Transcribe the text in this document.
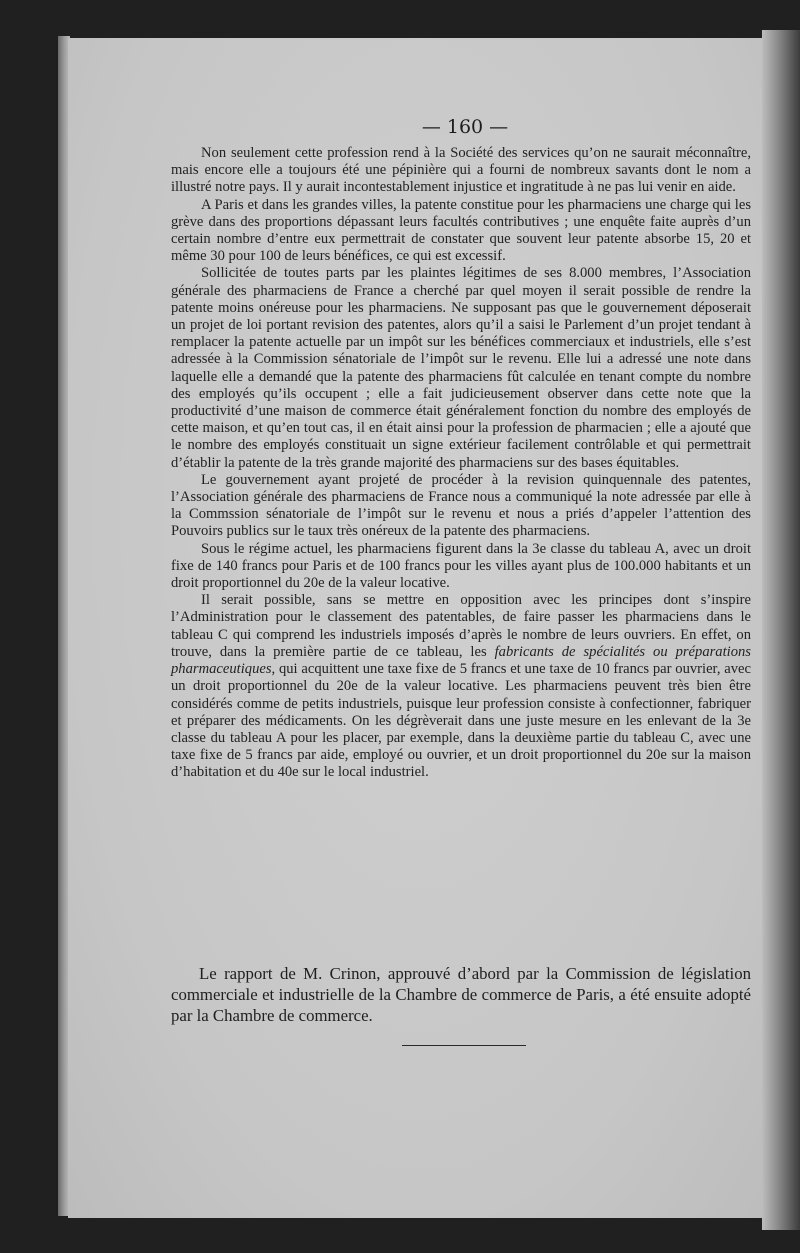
— 160 —

Non seulement cette profession rend à la Société des services qu’on ne saurait méconnaître, mais encore elle a toujours été une pépinière qui a fourni de nombreux savants dont le nom a illustré notre pays. Il y aurait incontestablement injustice et ingratitude à ne pas lui venir en aide.

A Paris et dans les grandes villes, la patente constitue pour les pharmaciens une charge qui les grève dans des proportions dépassant leurs facultés contributives ; une enquête faite auprès d’un certain nombre d’entre eux permettrait de constater que souvent leur patente absorbe 15, 20 et même 30 pour 100 de leurs bénéfices, ce qui est excessif.

Sollicitée de toutes parts par les plaintes légitimes de ses 8.000 membres, l’Association générale des pharmaciens de France a cherché par quel moyen il serait possible de rendre la patente moins onéreuse pour les pharmaciens. Ne supposant pas que le gouvernement déposerait un projet de loi portant revision des patentes, alors qu’il a saisi le Parlement d’un projet tendant à remplacer la patente actuelle par un impôt sur les bénéfices commerciaux et industriels, elle s’est adressée à la Commission sénatoriale de l’impôt sur le revenu. Elle lui a adressé une note dans laquelle elle a demandé que la patente des pharmaciens fût calculée en tenant compte du nombre des employés qu’ils occupent ; elle a fait judicieusement observer dans cette note que la productivité d’une maison de commerce était généralement fonction du nombre des employés de cette maison, et qu’en tout cas, il en était ainsi pour la profession de pharmacien ; elle a ajouté que le nombre des employés constituait un signe extérieur facilement contrôlable et qui permettrait d’établir la patente de la très grande majorité des pharmaciens sur des bases équitables.

Le gouvernement ayant projeté de procéder à la revision quinquennale des patentes, l’Association générale des pharmaciens de France nous a communiqué la note adressée par elle à la Commssion sénatoriale de l’impôt sur le revenu et nous a priés d’appeler l’attention des Pouvoirs publics sur le taux très onéreux de la patente des pharmaciens.

Sous le régime actuel, les pharmaciens figurent dans la 3e classe du tableau A, avec un droit fixe de 140 francs pour Paris et de 100 francs pour les villes ayant plus de 100.000 habitants et un droit proportionnel du 20e de la valeur locative.

Il serait possible, sans se mettre en opposition avec les principes dont s’inspire l’Administration pour le classement des patentables, de faire passer les pharmaciens dans le tableau C qui comprend les industriels imposés d’après le nombre de leurs ouvriers. En effet, on trouve, dans la première partie de ce tableau, les fabricants de spécialités ou préparations pharmaceutiques, qui acquittent une taxe fixe de 5 francs et une taxe de 10 francs par ouvrier, avec un droit proportionnel du 20e de la valeur locative. Les pharmaciens peuvent très bien être considérés comme de petits industriels, puisque leur profession consiste à confectionner, fabriquer et préparer des médicaments. On les dégrèverait dans une juste mesure en les enlevant de la 3e classe du tableau A pour les placer, par exemple, dans la deuxième partie du tableau C, avec une taxe fixe de 5 francs par aide, employé ou ouvrier, et un droit proportionnel du 20e sur la maison d’habitation et du 40e sur le local industriel.

Le rapport de M. Crinon, approuvé d’abord par la Commission de législation commerciale et industrielle de la Chambre de commerce de Paris, a été ensuite adopté par la Chambre de commerce.
